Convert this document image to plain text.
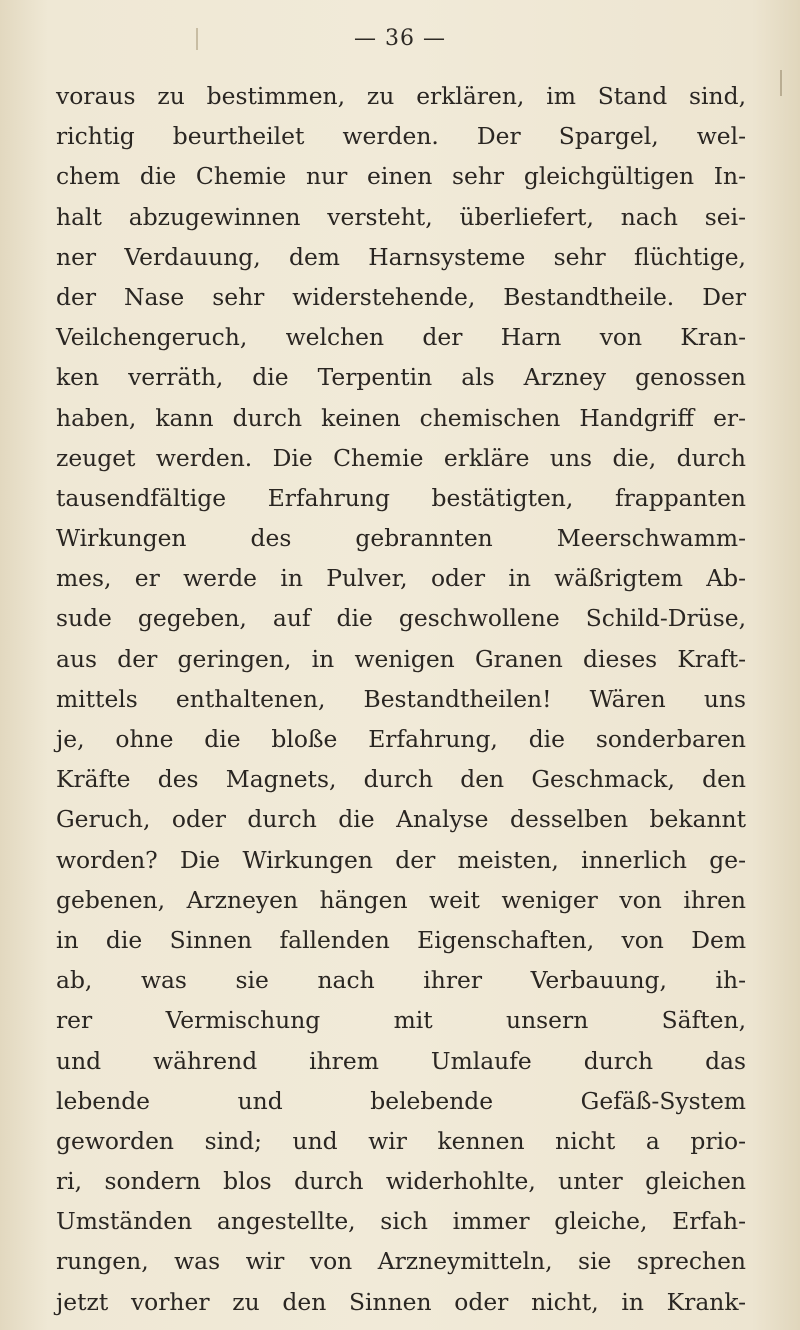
— 36 —
voraus zu bestimmen, zu erklären, im Stand sind,
richtig beurtheilet werden. Der Spargel, wel-
chem die Chemie nur einen sehr gleichgültigen In-
halt abzugewinnen versteht, überliefert, nach sei-
ner Verdauung, dem Harnsysteme sehr flüchtige,
der Nase sehr widerstehende, Bestandtheile. Der
Veilchengeruch, welchen der Harn von Kran-
ken verräth, die Terpentin als Arzney genossen
haben, kann durch keinen chemischen Handgriff er-
zeuget werden. Die Chemie erkläre uns die, durch
tausendfältige Erfahrung bestätigten, frappanten
Wirkungen des gebrannten Meerschwamm-
mes, er werde in Pulver, oder in wäßrigtem Ab-
sude gegeben, auf die geschwollene Schild-Drüse,
aus der geringen, in wenigen Granen dieses Kraft-
mittels enthaltenen, Bestandtheilen! Wären uns
je, ohne die bloße Erfahrung, die sonderbaren
Kräfte des Magnets, durch den Geschmack, den
Geruch, oder durch die Analyse desselben bekannt
worden? Die Wirkungen der meisten, innerlich ge-
gebenen, Arzneyen hängen weit weniger von ihren
in die Sinnen fallenden Eigenschaften, von Dem
ab, was sie nach ihrer Verbauung, ih-
rer Vermischung mit unsern Säften,
und während ihrem Umlaufe durch das
lebende und belebende Gefäß-System
geworden sind; und wir kennen nicht a prio-
ri, sondern blos durch widerhohlte, unter gleichen
Umständen angestellte, sich immer gleiche, Erfah-
rungen, was wir von Arzneymitteln, sie sprechen
jetzt vorher zu den Sinnen oder nicht, in Krank-
